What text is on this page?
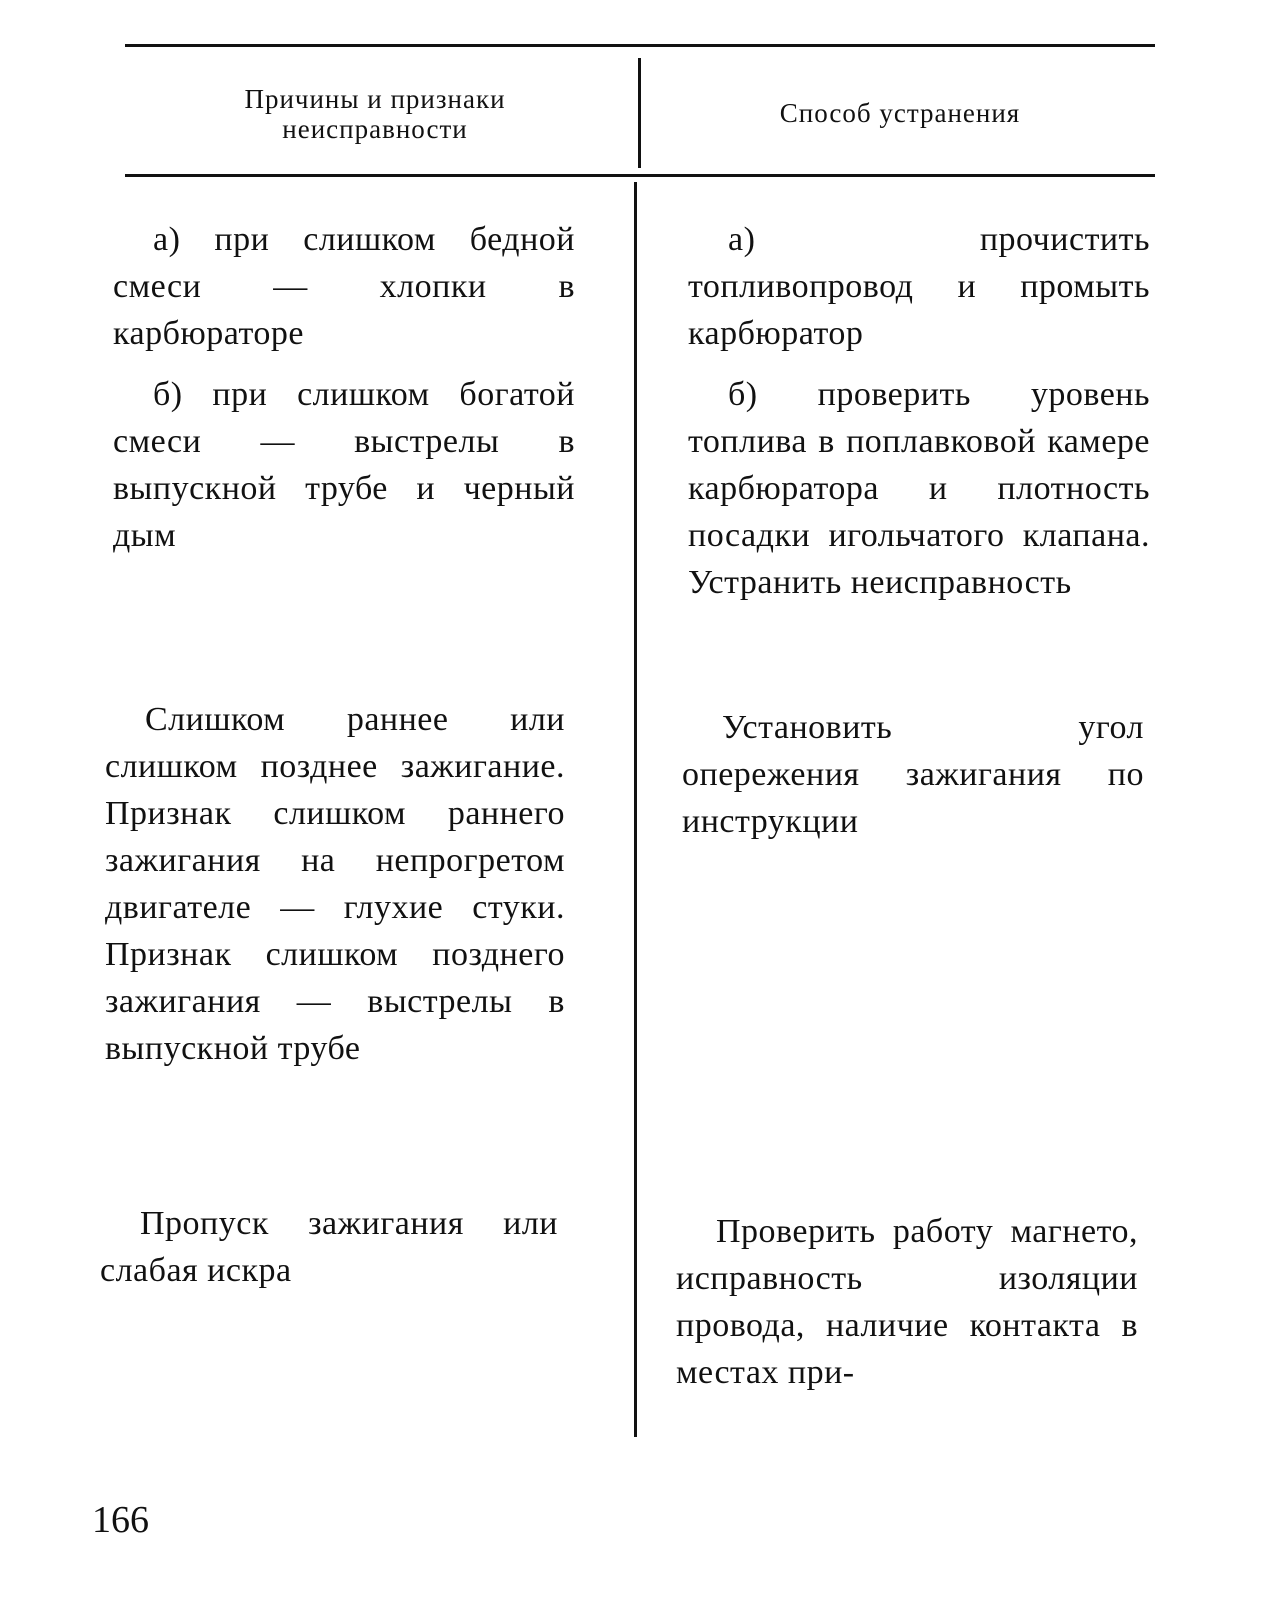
Причины и признаки
неисправности
Способ устранения

а) при слишком бедной смеси — хлопки в карбюраторе

б) при слишком богатой смеси — выстрелы в выпускной трубе и черный дым

а) прочистить топливопровод и промыть карбюратор

б) проверить уровень топлива в поплавковой камере карбюратора и плотность посадки игольчатого клапана. Устранить неисправность

Слишком раннее или слишком позднее зажигание. Признак слишком раннего зажигания на непрогретом двигателе — глухие стуки. Признак слишком позднего зажигания — выстрелы в выпускной трубе

Установить угол опережения зажигания по инструкции

Пропуск зажигания или слабая искра

Проверить работу магнето, исправность изоляции провода, наличие контакта в местах при-

166
